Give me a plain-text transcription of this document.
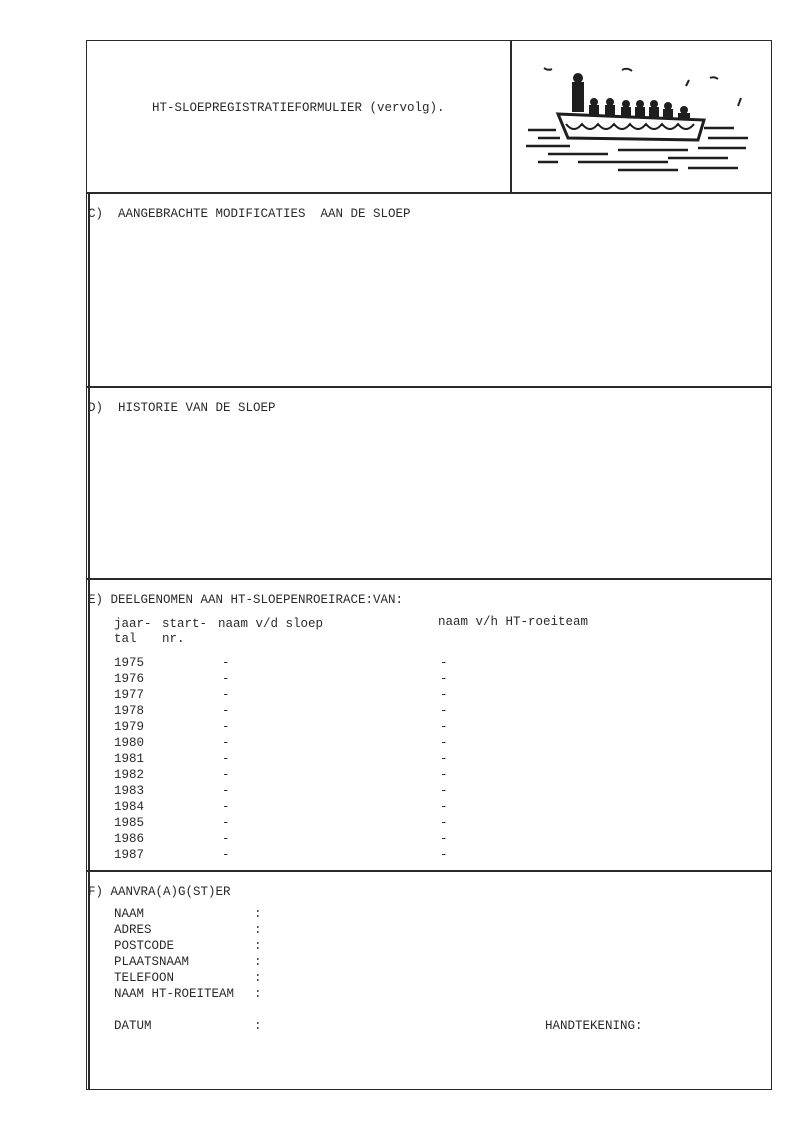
HT-SLOEPREGISTRATIEFORMULIER (vervolg).
C)  AANGEBRACHTE MODIFICATIES  AAN DE SLOEP
D)  HISTORIE VAN DE SLOEP
E) DEELGENOMEN AAN HT-SLOEPENROEIRACE:VAN:
jaar- start- naam v/d sloep	naam v/h HT-roeiteam
tal nr.
1975	-	-
1976	-	-
1977	-	-
1978	-	-
1979	-	-
1980	-	-
1981	-	-
1982	-	-
1983	-	-
1984	-	-
1985	-	-
1986	-	-
1987	-	-
F) AANVRA(A)G(ST)ER
NAAM	:
ADRES	:
POSTCODE	:
PLAATSNAAM	:
TELEFOON	:
NAAM HT-ROEITEAM :
DATUM	:	HANDTEKENING:
